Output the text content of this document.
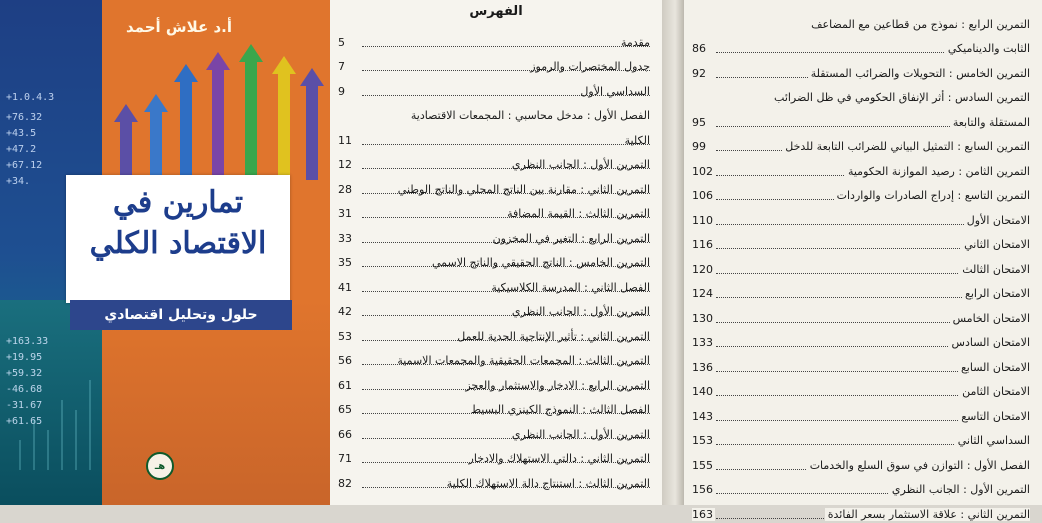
+1.0.4.3
+76.32
+43.5
+47.2
+67.12
+34.
+163.33
+19.95
+59.32
-46.68
-31.67
+61.65
أ.د علاش أحمد
تمارين في
الاقتصاد الكلي
حلول وتحليل اقتصادي
هـ
الفهرس
مقدمة
5
جدول المختصرات والرموز
7
السداسي الأول
9
الفصل الأول : مدخل محاسبي : المجمعات الاقتصادية
الكلية
11
التمرين الأول : الجانب النظري
12
التمرين الثاني : مقارنة بين الناتج المحلي والناتج الوطني
28
التمرين الثالث : القيمة المضافة
31
التمرين الرابع : التغير في المخزون
33
التمرين الخامس : الناتج الحقيقي والناتج الاسمي
35
الفصل الثاني : المدرسة الكلاسيكية
41
التمرين الأول : الجانب النظري
42
التمرين الثاني : تأثير الإنتاجية الحدية للعمل
53
التمرين الثالث : المجمعات الحقيقية والمجمعات الاسمية
56
التمرين الرابع : الادخار والاستثمار والعجز
61
الفصل الثالث : النموذج الكينزي البسيط
65
التمرين الأول : الجانب النظري
66
التمرين الثاني : دالتي الاستهلاك والادخار
71
التمرين الثالث : استنتاج دالة الاستهلاك الكلية
82
التمرين الرابع : نموذج من قطاعين مع المضاعف
الثابت والديناميكي
86
التمرين الخامس : التحويلات والضرائب المستقلة
92
التمرين السادس : أثر الإنفاق الحكومي في ظل الضرائب
المستقلة والتابعة
95
التمرين السابع : التمثيل البياني للضرائب التابعة للدخل
99
التمرين الثامن : رصيد الموازنة الحكومية
102
التمرين التاسع : إدراج الصادرات والواردات
106
الامتحان الأول
110
الامتحان الثاني
116
الامتحان الثالث
120
الامتحان الرابع
124
الامتحان الخامس
130
الامتحان السادس
133
الامتحان السابع
136
الامتحان الثامن
140
الامتحان التاسع
143
السداسي الثاني
153
الفصل الأول : التوازن في سوق السلع والخدمات
155
التمرين الأول : الجانب النظري
156
التمرين الثاني : علاقة الاستثمار بسعر الفائدة
163
